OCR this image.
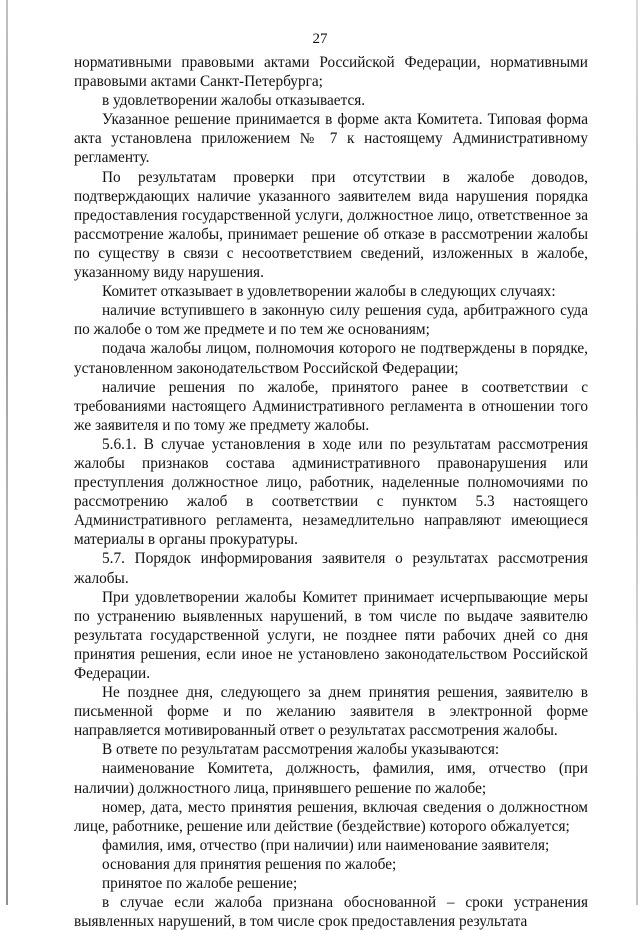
27

нормативными правовыми актами Российской Федерации, нормативными правовыми актами Санкт-Петербурга;

в удовлетворении жалобы отказывается.

Указанное решение принимается в форме акта Комитета. Типовая форма акта установлена приложением № 7 к настоящему Административному регламенту.

По результатам проверки при отсутствии в жалобе доводов, подтверждающих наличие указанного заявителем вида нарушения порядка предоставления государственной услуги, должностное лицо, ответственное за рассмотрение жалобы, принимает решение об отказе в рассмотрении жалобы по существу в связи с несоответствием сведений, изложенных в жалобе, указанному виду нарушения.

Комитет отказывает в удовлетворении жалобы в следующих случаях:

наличие вступившего в законную силу решения суда, арбитражного суда по жалобе о том же предмете и по тем же основаниям;

подача жалобы лицом, полномочия которого не подтверждены в порядке, установленном законодательством Российской Федерации;

наличие решения по жалобе, принятого ранее в соответствии с требованиями настоящего Административного регламента в отношении того же заявителя и по тому же предмету жалобы.

5.6.1. В случае установления в ходе или по результатам рассмотрения жалобы признаков состава административного правонарушения или преступления должностное лицо, работник, наделенные полномочиями по рассмотрению жалоб в соответствии с пунктом 5.3 настоящего Административного регламента, незамедлительно направляют имеющиеся материалы в органы прокуратуры.

5.7. Порядок информирования заявителя о результатах рассмотрения жалобы.

При удовлетворении жалобы Комитет принимает исчерпывающие меры по устранению выявленных нарушений, в том числе по выдаче заявителю результата государственной услуги, не позднее пяти рабочих дней со дня принятия решения, если иное не установлено законодательством Российской Федерации.

Не позднее дня, следующего за днем принятия решения, заявителю в письменной форме и по желанию заявителя в электронной форме направляется мотивированный ответ о результатах рассмотрения жалобы.

В ответе по результатам рассмотрения жалобы указываются:

наименование Комитета, должность, фамилия, имя, отчество (при наличии) должностного лица, принявшего решение по жалобе;

номер, дата, место принятия решения, включая сведения о должностном лице, работнике, решение или действие (бездействие) которого обжалуется;

фамилия, имя, отчество (при наличии) или наименование заявителя;

основания для принятия решения по жалобе;

принятое по жалобе решение;

в случае если жалоба признана обоснованной – сроки устранения выявленных нарушений, в том числе срок предоставления результата
